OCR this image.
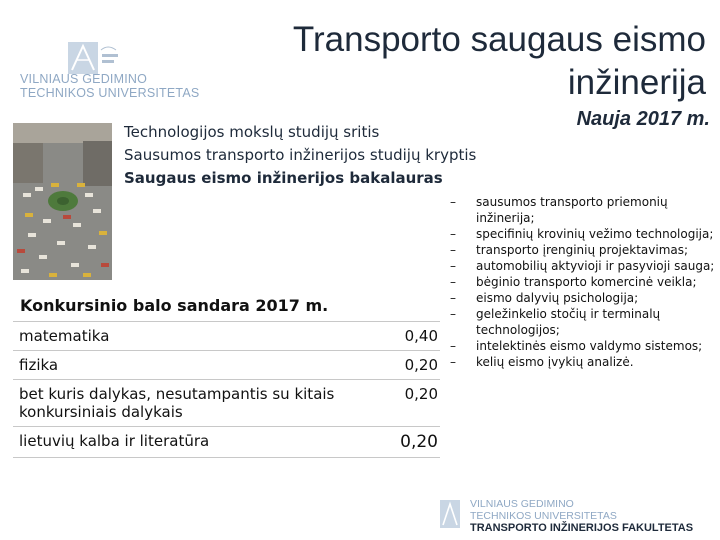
VILNIAUS GEDIMINO
TECHNIKOS UNIVERSITETAS
Transporto saugaus eismo
inžinerija
Nauja 2017 m.
Technologijos mokslų studijų sritis
Sausumos transporto inžinerijos studijų kryptis
Saugaus eismo inžinerijos bakalauras
Konkursinio balo sandara 2017 m.
matematika	0,40
fizika	0,20
bet kuris dalykas, nesutampantis su kitais konkursiniais dalykais	0,20
lietuvių kalba ir literatūra	0,20
– sausumos transporto priemonių inžinerija;
– specifinių krovinių vežimo technologija;
– transporto įrenginių projektavimas;
– automobilių aktyvioji ir pasyvioji sauga;
– bėginio transporto komercinė veikla;
– eismo dalyvių psichologija;
– geležinkelio stočių ir terminalų technologijos;
– intelektinės eismo valdymo sistemos;
– kelių eismo įvykių analizė.
VILNIAUS GEDIMINO
TECHNIKOS UNIVERSITETAS
TRANSPORTO INŽINERIJOS FAKULTETAS
